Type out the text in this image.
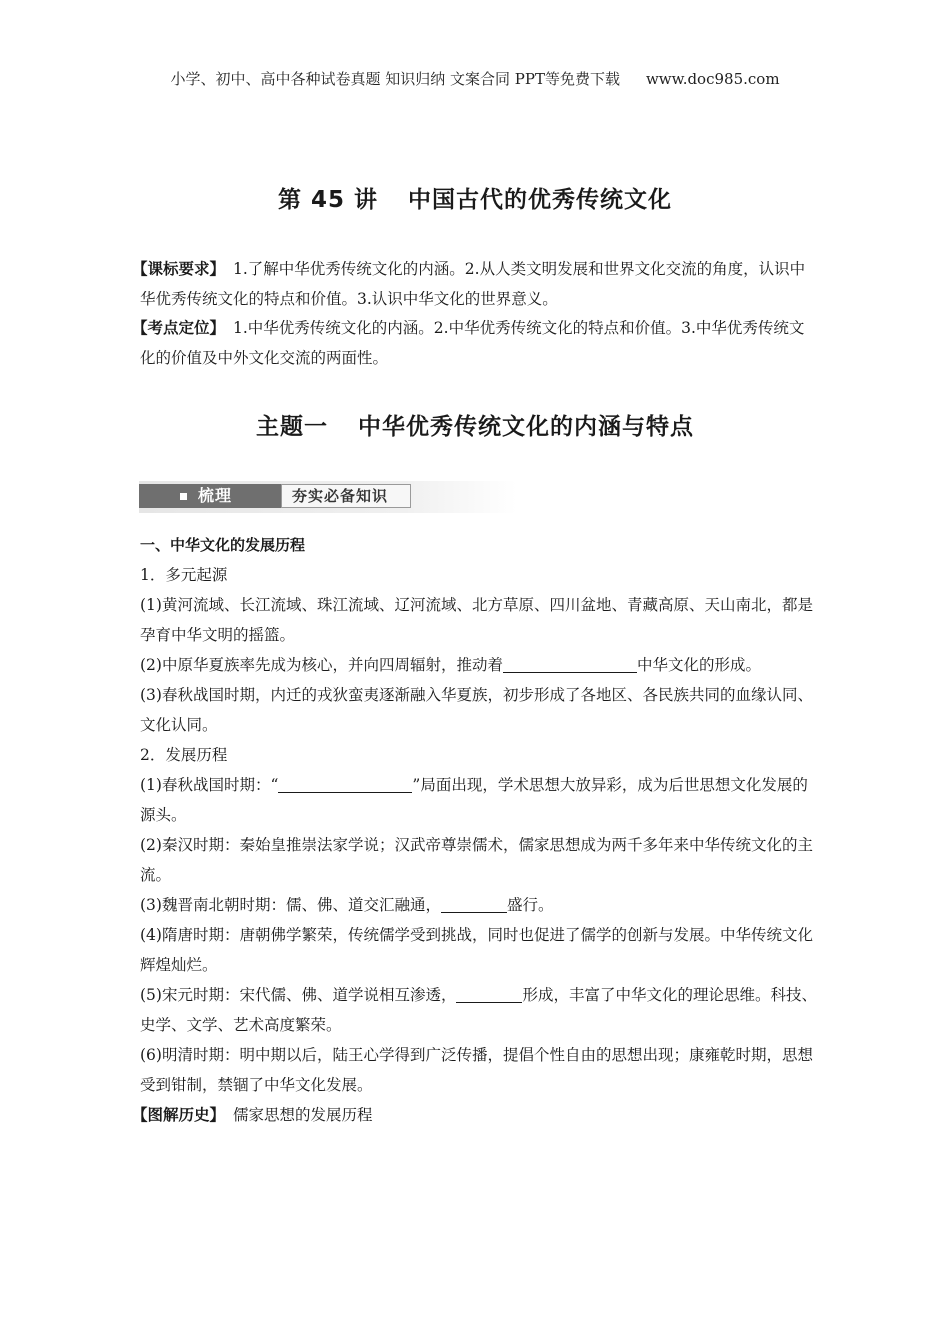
小学、初中、高中各种试卷真题 知识归纳 文案合同 PPT等免费下载 www.doc985.com
第 45 讲 中国古代的优秀传统文化
【课标要求】 1.了解中华优秀传统文化的内涵。2.从人类文明发展和世界文化交流的角度，认识中华优秀传统文化的特点和价值。3.认识中华文化的世界意义。
【考点定位】 1.中华优秀传统文化的内涵。2.中华优秀传统文化的特点和价值。3.中华优秀传统文化的价值及中外文化交流的两面性。
主题一 中华优秀传统文化的内涵与特点
梳理	夯实必备知识

一、中华文化的发展历程

1．多元起源

(1)黄河流域、长江流域、珠江流域、辽河流域、北方草原、四川盆地、青藏高原、天山南北，都是孕育中华文明的摇篮。

(2)中原华夏族率先成为核心，并向四周辐射，推动着	中华文化的形成。

(3)春秋战国时期，内迁的戎狄蛮夷逐渐融入华夏族，初步形成了各地区、各民族共同的血缘认同、文化认同。

2．发展历程

(1)春秋战国时期：“	”局面出现，学术思想大放异彩，成为后世思想文化发展的源头。

(2)秦汉时期：秦始皇推崇法家学说；汉武帝尊崇儒术，儒家思想成为两千多年来中华传统文化的主流。

(3)魏晋南北朝时期：儒、佛、道交汇融通，	盛行。

(4)隋唐时期：唐朝佛学繁荣，传统儒学受到挑战，同时也促进了儒学的创新与发展。中华传统文化辉煌灿烂。

(5)宋元时期：宋代儒、佛、道学说相互渗透，	形成，丰富了中华文化的理论思维。科技、史学、文学、艺术高度繁荣。

(6)明清时期：明中期以后，陆王心学得到广泛传播，提倡个性自由的思想出现；康雍乾时期，思想受到钳制，禁锢了中华文化发展。

【图解历史】 儒家思想的发展历程
